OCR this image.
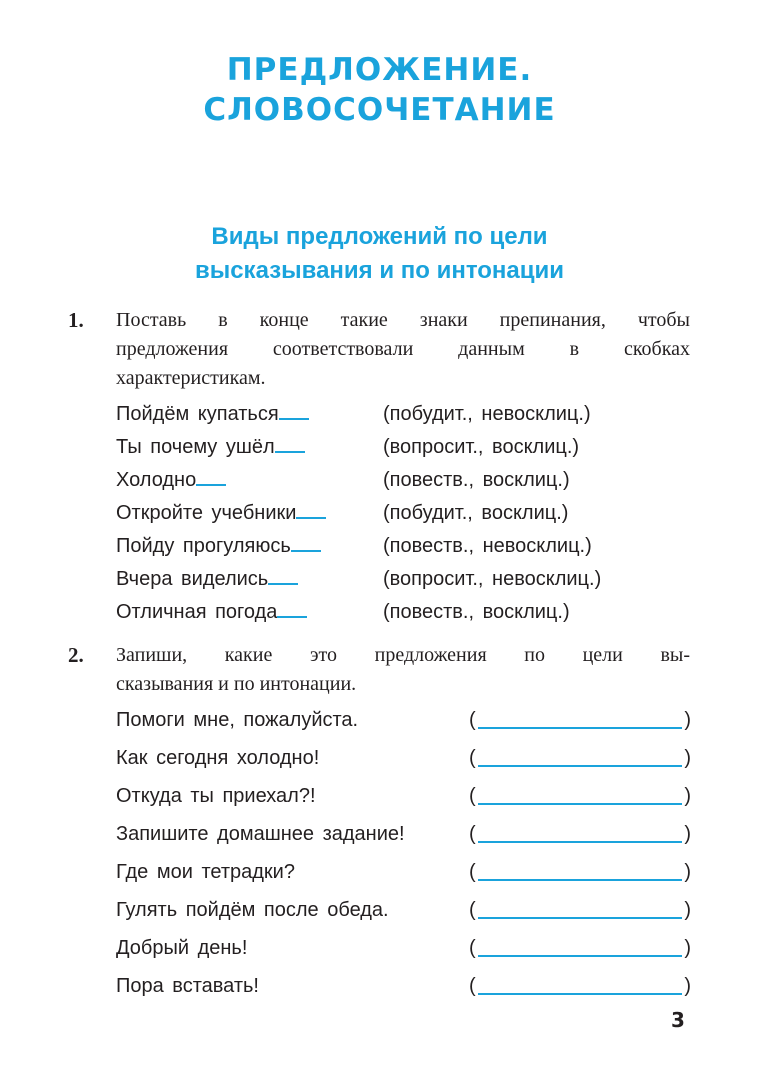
ПРЕДЛОЖЕНИЕ.
СЛОВОСОЧЕТАНИЕ
Виды предложений по цели
высказывания и по интонации
1. Поставь в конце такие знаки препинания, чтобы
предложения соответствовали данным в скобках
характеристикам.
Пойдём купаться	(побудит., невосклиц.)
Ты почему ушёл	(вопросит., восклиц.)
Холодно	(повеств., восклиц.)
Откройте учебники	(побудит., восклиц.)
Пойду прогуляюсь	(повеств., невосклиц.)
Вчера виделись	(вопросит., невосклиц.)
Отличная погода	(повеств., восклиц.)
2. Запиши, какие это предложения по цели вы-
сказывания и по интонации.
Помоги мне, пожалуйста.	(	)
Как сегодня холодно!	(	)
Откуда ты приехал?!	(	)
Запишите домашнее задание!	(	)
Где мои тетрадки?	(	)
Гулять пойдём после обеда.	(	)
Добрый день!	(	)
Пора вставать!	(	)
3
